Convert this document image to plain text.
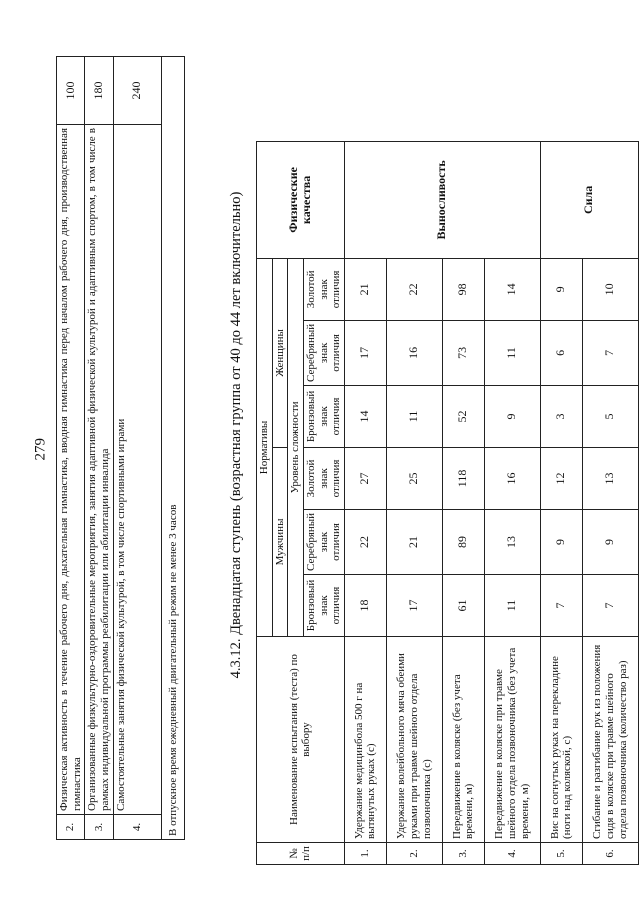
279
2.	Физическая активность в течение рабочего дня, дыхательная гимнастика, вводная гимнастика перед началом рабочего дня, производственная гимнастика	100
3.	Организованные физкультурно-оздоровительные мероприятия, занятия адаптивной физической культурой и адаптивным спортом, в том числе в рамках индивидуальной программы реабилитации или абилитации инвалида	180
4.	Самостоятельные занятия физической культурой, в том числе спортивными играми	240
В отпускное время ежедневный двигательный режим не менее 3 часов			4.3.12. Двенадцатая ступень (возрастная группа от 40 до 44 лет включительно)
№ п/п	Наименование испытания (теста) по выбору	Нормативы						Физические качества
		Мужчины			Женщины			
		Уровень сложности						
		Бронзовый знак отличия	Серебряный знак отличия	Золотой знак отличия	Бронзовый знак отличия	Серебряный знак отличия	Золотой знак отличия	
1.	Удержание медицинбола 500 г на вытянутых руках (с)	18	22	27	14	17	21	Выносливость
2.	Удержание волейбольного мяча обеими руками при травме шейного отдела позвоночника (с)	17	21	25	11	16	22	
3.	Передвижение в коляске (без учета времени, м)	61	89	118	52	73	98	
4.	Передвижение в коляске при травме шейного отдела позвоночника (без учета времени, м)	11	13	16	9	11	14	
5.	Вис на согнутых руках на перекладине (ноги над коляской, с)	7	9	12	3	6	9	Сила
6.	Сгибание и разгибание рук из положения сидя в коляске при травме шейного отдела позвоночника (количество раз)	7	9	13	5	7	10	
